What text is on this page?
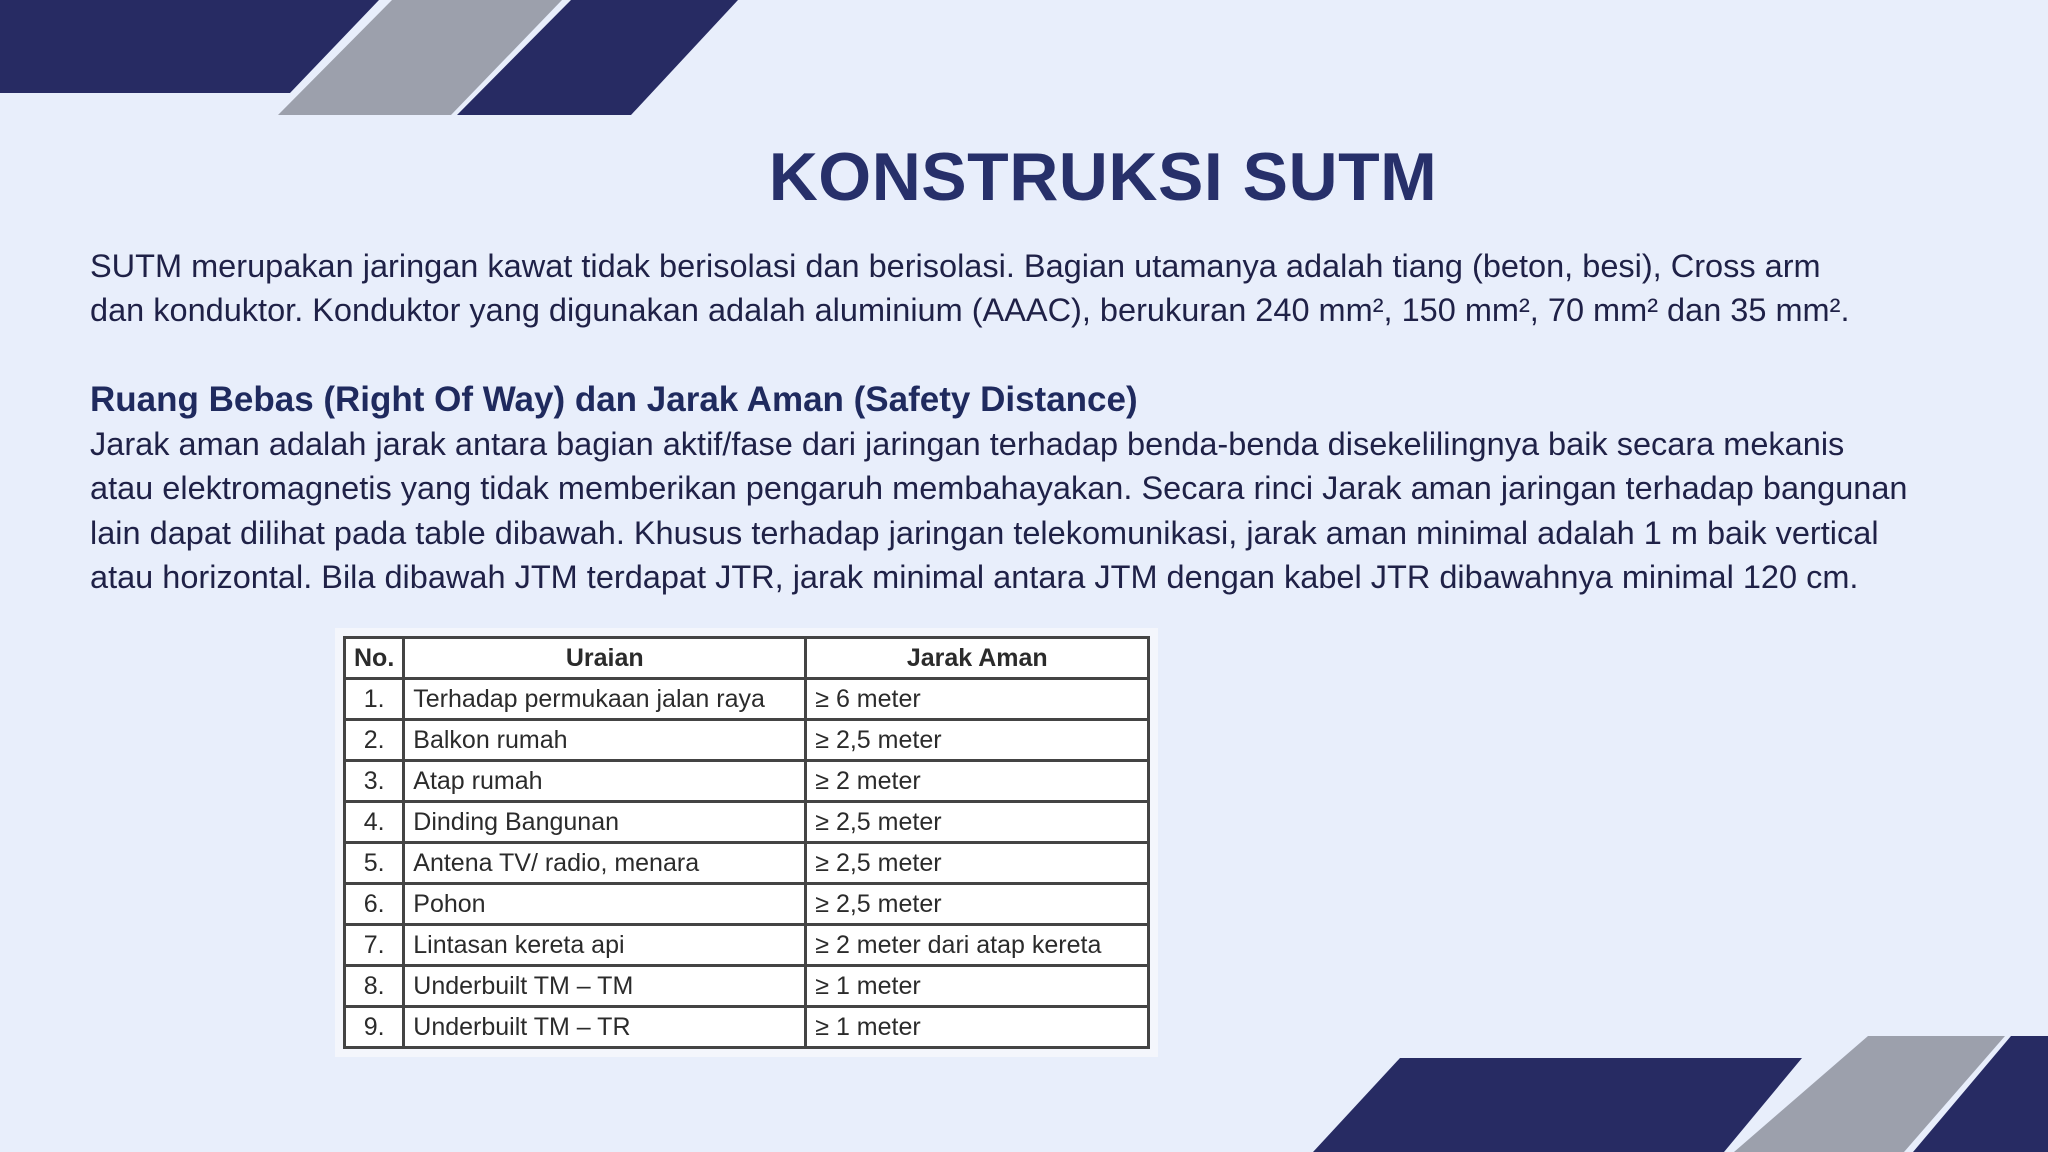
KONSTRUKSI SUTM
SUTM merupakan jaringan kawat tidak berisolasi dan berisolasi. Bagian utamanya adalah tiang (beton, besi), Cross arm
dan konduktor. Konduktor yang digunakan adalah aluminium (AAAC), berukuran 240 mm², 150 mm², 70 mm² dan 35 mm².
Ruang Bebas (Right Of Way) dan Jarak Aman (Safety Distance)
Jarak aman adalah jarak antara bagian aktif/fase dari jaringan terhadap benda-benda disekelilingnya baik secara mekanis
atau elektromagnetis yang tidak memberikan pengaruh membahayakan. Secara rinci Jarak aman jaringan terhadap bangunan
lain dapat dilihat pada table dibawah. Khusus terhadap jaringan telekomunikasi, jarak aman minimal adalah 1 m baik vertical
atau horizontal. Bila dibawah JTM terdapat JTR, jarak minimal antara JTM dengan kabel JTR dibawahnya minimal 120 cm.
No.	Uraian	Jarak Aman
1.	Terhadap permukaan jalan raya	≥ 6 meter
2.	Balkon rumah	≥ 2,5 meter
3.	Atap rumah	≥ 2 meter
4.	Dinding Bangunan	≥ 2,5 meter
5.	Antena TV/ radio, menara	≥ 2,5 meter
6.	Pohon	≥ 2,5 meter
7.	Lintasan kereta api	≥ 2 meter dari atap kereta
8.	Underbuilt TM – TM	≥ 1 meter
9.	Underbuilt TM – TR	≥ 1 meter
